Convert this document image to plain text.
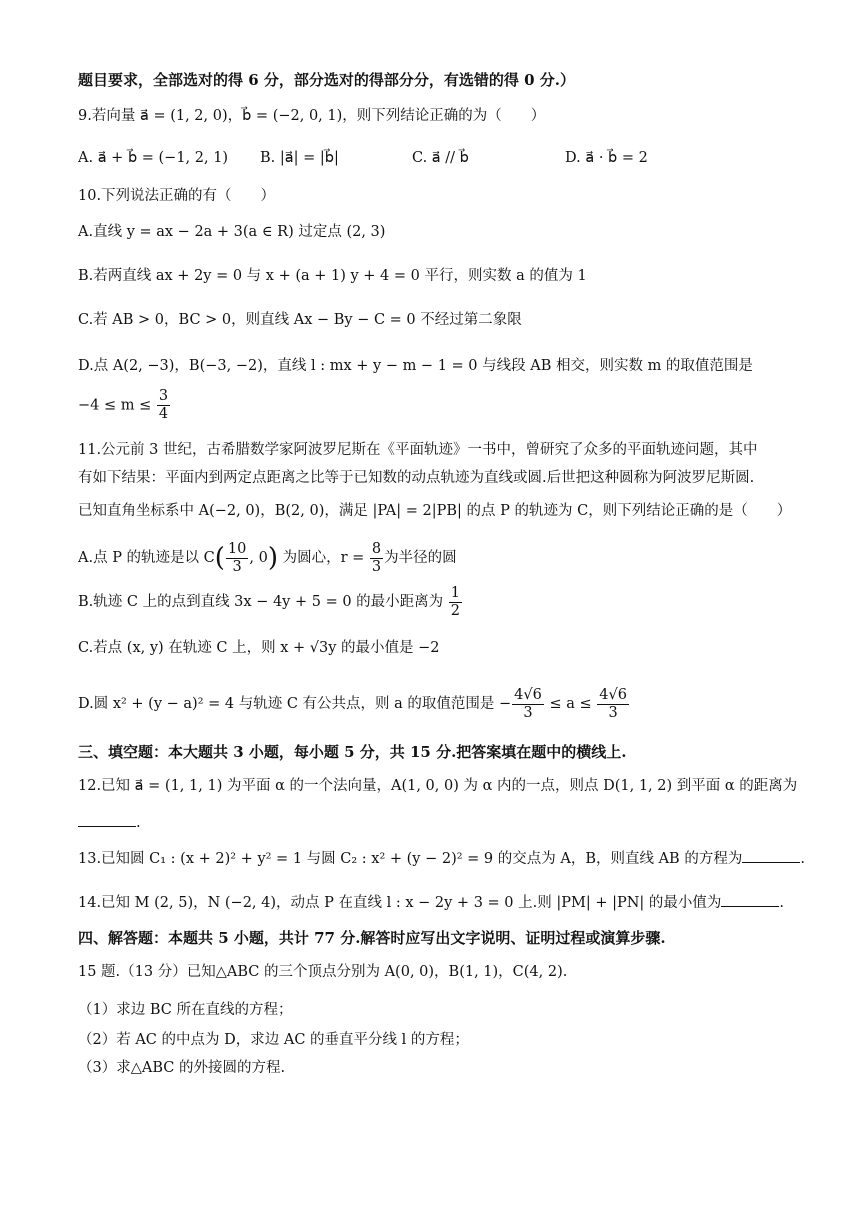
题目要求，全部选对的得 6 分，部分选对的得部分分，有选错的得 0 分.）
9.若向量 a⃗ = (1, 2, 0)，b⃗ = (−2, 0, 1)，则下列结论正确的为（　　）
A. a⃗ + b⃗ = (−1, 2, 1) B. |a⃗| = |b⃗|	C. a⃗ // b⃗	D. a⃗ · b⃗ = 2
10.下列说法正确的有（　　）
A.直线 y = ax − 2a + 3(a ∈ R) 过定点 (2, 3)
B.若两直线 ax + 2y = 0 与 x + (a + 1) y + 4 = 0 平行，则实数 a 的值为 1
C.若 AB > 0，BC > 0，则直线 Ax − By − C = 0 不经过第二象限
D.点 A(2, −3)，B(−3, −2)，直线 l : mx + y − m − 1 = 0 与线段 AB 相交，则实数 m 的取值范围是
$-4 \le m \le \frac{3}{4}$
11.公元前 3 世纪，古希腊数学家阿波罗尼斯在《平面轨迹》一书中，曾研究了众多的平面轨迹问题，其中
有如下结果：平面内到两定点距离之比等于已知数的动点轨迹为直线或圆.后世把这种圆称为阿波罗尼斯圆.
已知直角坐标系中 A(−2, 0)，B(2, 0)，满足 |PA| = 2|PB| 的点 P 的轨迹为 C，则下列结论正确的是（　　）
A.点 P 的轨迹是以 $C( \frac{10}{3}$ , 0) 为圆心，$r = \frac{8}{3}$ 为半径的圆
B.轨迹 C 上的点到直线 3x − 4y + 5 = 0 的最小距离为 $\frac{1}{2}$
C.若点 (x, y) 在轨迹 C 上，则 x + √3y 的最小值是 −2
D.圆 x² + (y − a)² = 4 与轨迹 C 有公共点，则 a 的取值范围是 − $\frac{4√6}{3} \le a \le \frac{4√6}{3}$
三、填空题：本大题共 3 小题，每小题 5 分，共 15 分.把答案填在题中的横线上.
12.已知 a⃗ = (1, 1, 1) 为平面 α 的一个法向量，A(1, 0, 0) 为 α 内的一点，则点 D(1, 1, 2) 到平面 α 的距离为
.
13.已知圆 C₁ : (x + 2)² + y² = 1 与圆 C₂ : x² + (y − 2)² = 9 的交点为 A，B，则直线 AB 的方程为	.
14.已知 M (2, 5)，N (−2, 4)，动点 P 在直线 l : x − 2y + 3 = 0 上.则 |PM| + |PN| 的最小值为	.
四、解答题：本题共 5 小题，共计 77 分.解答时应写出文字说明、证明过程或演算步骤.
15 题.（13 分）已知△ABC 的三个顶点分别为 A(0, 0)，B(1, 1)，C(4, 2).
（1）求边 BC 所在直线的方程；
（2）若 AC 的中点为 D，求边 AC 的垂直平分线 l 的方程；
（3）求△ABC 的外接圆的方程.
